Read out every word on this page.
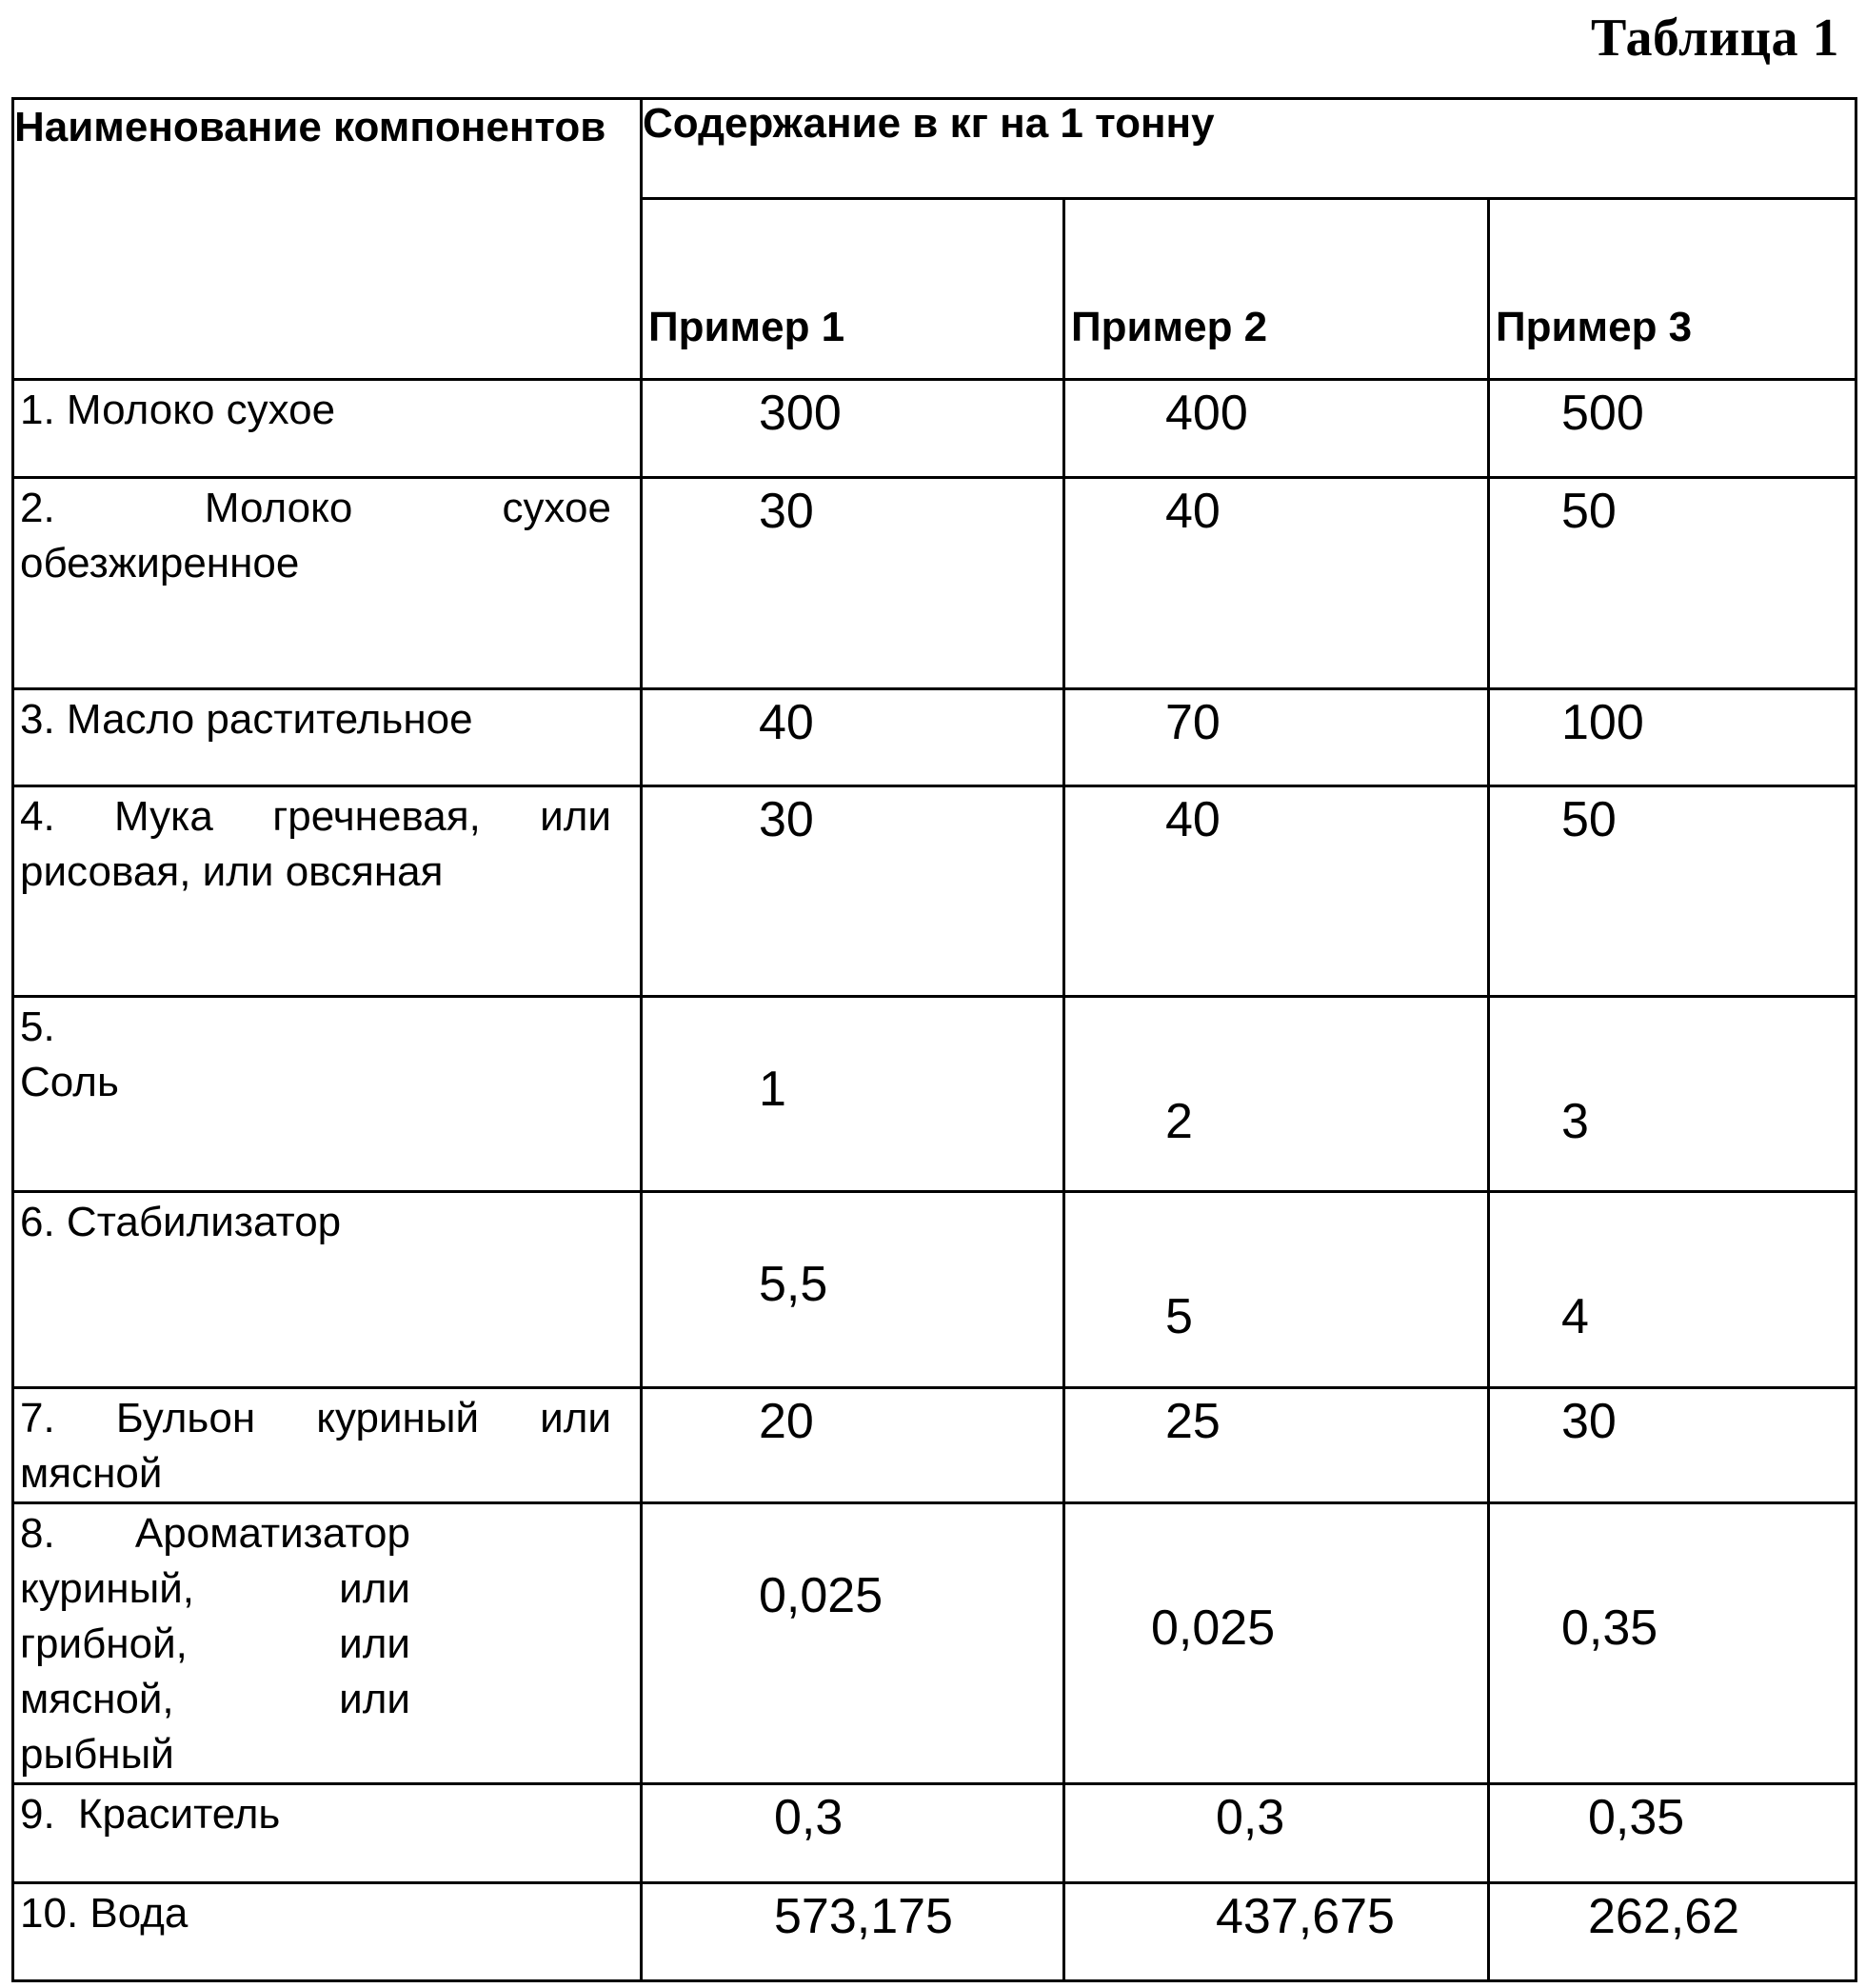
Таблица 1
Наименование компонентов	Содержание в кг на 1 тонну		
	Пример 1	Пример 2	Пример 3
1. Молоко сухое	300	400	500
2. Молоко сухое обезжиренное	30	40	50
3. Масло растительное	40	70	100
4. Мука гречневая, или рисовая, или овсяная	30	40	50

5.
Соль	1	2	3
6. Стабилизатор	5,5	5	4
7. Бульон куриный или мясной	20	25	30

8. Ароматизатор куриный, или грибной, или мясной, или рыбный	0,025	0,025	0,35
9. Краситель	0,3	0,3	0,35
10. Вода	573,175	437,675	262,62
